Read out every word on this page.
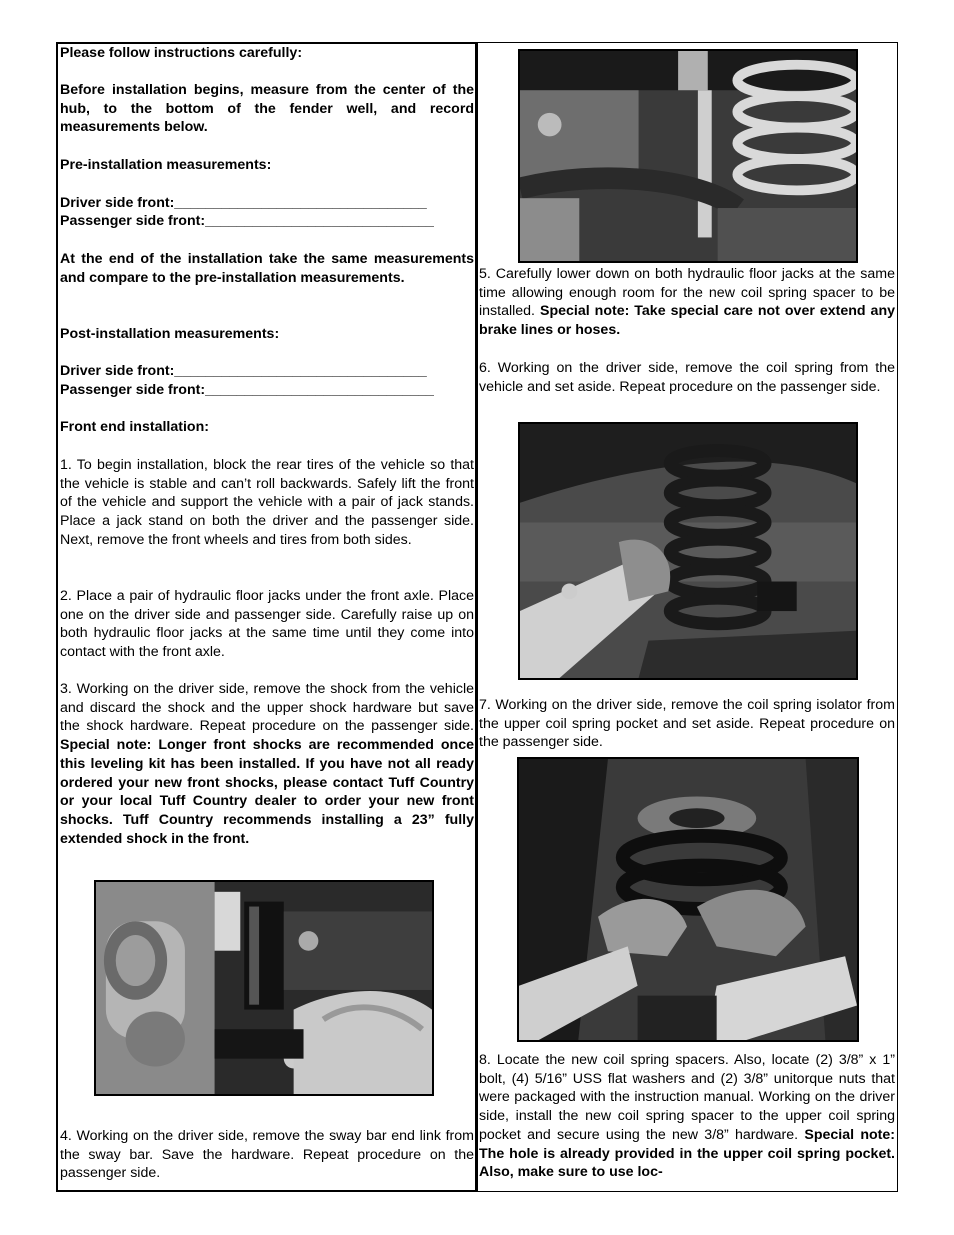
Please follow instructions carefully:

Before installation begins, measure from the center of the hub, to the bottom of the fender well, and record measurements below.

Pre-installation measurements:

Driver side front:________________________________

Passenger side front:_____________________________

At the end of the installation take the same measurements and compare to the pre-installation measurements.

Post-installation measurements:

Driver side front:________________________________

Passenger side front:_____________________________

Front end installation:

1. To begin installation, block the rear tires of the vehicle so that the vehicle is stable and can’t roll backwards. Safely lift the front of the vehicle and support the vehicle with a pair of jack stands. Place a jack stand on both the driver and the passenger side. Next, remove the front wheels and tires from both sides.

2. Place a pair of hydraulic floor jacks under the front axle. Place one on the driver side and passenger side. Carefully raise up on both hydraulic floor jacks at the same time until they come into contact with the front axle.

3. Working on the driver side, remove the shock from the vehicle and discard the shock and the upper shock hardware but save the shock hardware. Repeat procedure on the passenger side. Special note: Longer front shocks are recommended once this leveling kit has been installed. If you have not all ready ordered your new front shocks, please contact Tuff Country or your local Tuff Country dealer to order your new front shocks. Tuff Country recommends installing a 23” fully extended shock in the front.

4. Working on the driver side, remove the sway bar end link from the sway bar. Save the hardware. Repeat procedure on the passenger side.

5. Carefully lower down on both hydraulic floor jacks at the same time allowing enough room for the new coil spring spacer to be installed. Special note: Take special care not over extend any brake lines or hoses.

6. Working on the driver side, remove the coil spring from the vehicle and set aside. Repeat procedure on the passenger side.

7. Working on the driver side, remove the coil spring isolator from the upper coil spring pocket and set aside. Repeat procedure on the passenger side.

8. Locate the new coil spring spacers. Also, locate (2) 3/8” x 1” bolt, (4) 5/16” USS flat washers and (2) 3/8” unitorque nuts that were packaged with the instruction manual. Working on the driver side, install the new coil spring spacer to the upper coil spring pocket and secure using the new 3/8” hardware. Special note: The hole is already provided in the upper coil spring pocket. Also, make sure to use loc-
